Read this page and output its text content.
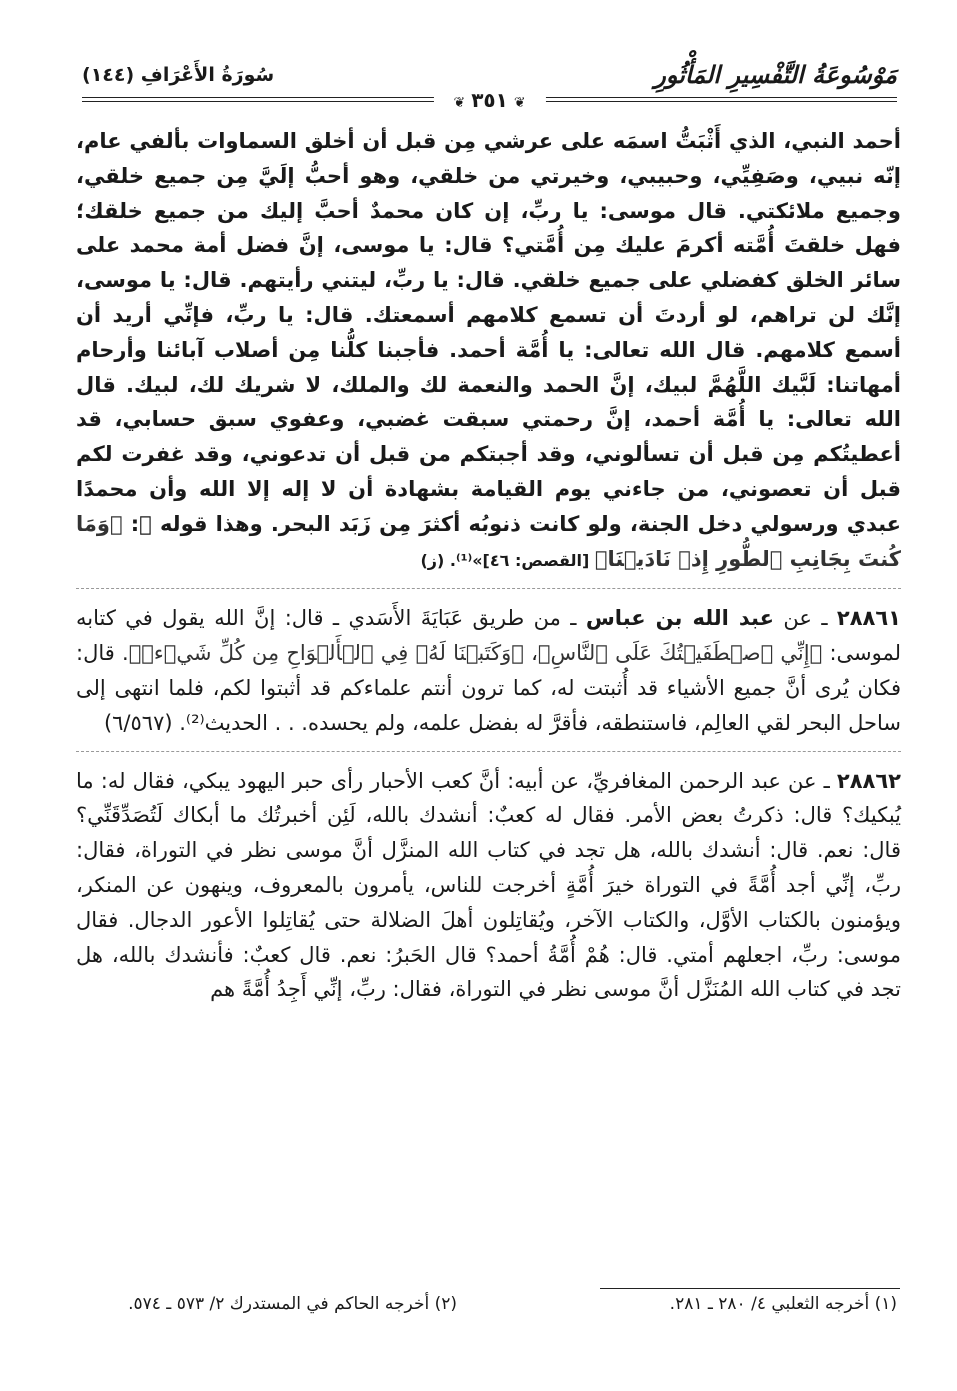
مَوْسُوعَةُ التَّفْسِيرِ المَأْثُورِ
❦٣٥١❦
سُورَةُ الأَعْرَافِ (١٤٤)

أحمد النبي، الذي أَثْبَتُّ اسمَه على عرشي مِن قبل أن أخلق السماوات بألفي عام، إنّه نبيي، وصَفِيِّي، وحبيبي، وخيرتي من خلقي، وهو أحبُّ إلَيَّ مِن جميع خلقي، وجميع ملائكتي. قال موسى: يا ربِّ، إن كان محمدٌ أحبَّ إليك من جميع خلقك؛ فهل خلقتَ أُمَّته أكرمَ عليك مِن أُمَّتي؟ قال: يا موسى، إنَّ فضل أمة محمد على سائر الخلق كفضلي على جميع خلقي. قال: يا ربِّ، ليتني رأيتهم. قال: يا موسى، إنَّك لن تراهم، لو أردتَ أن تسمع كلامهم أسمعتك. قال: يا ربِّ، فإنِّي أريد أن أسمع كلامهم. قال الله تعالى: يا أُمَّة أحمد. فأجبنا كلُّنا مِن أصلاب آبائنا وأرحام أمهاتنا: لَبَّيك اللَّهُمَّ لبيك، إنَّ الحمد والنعمة لك والملك، لا شريك لك، لبيك. قال الله تعالى: يا أُمَّة أحمد، إنَّ رحمتي سبقت غضبي، وعفوي سبق حسابي، قد أعطيتُكم مِن قبل أن تسألوني، وقد أجبتكم من قبل أن تدعوني، وقد غفرت لكم قبل أن تعصوني، من جاءني يوم القيامة بشهادة أن لا إله إلا الله وأن محمدًا عبدي ورسولي دخل الجنة، ولو كانت ذنوبُه أكثرَ مِن زَبَد البحر. وهذا قوله ﷺ: ﴿وَمَا كُنتَ بِجَانِبِ ٱلطُّورِ إِذۡ نَادَيۡنَا﴾ [القصص: ٤٦]»⁽¹⁾. (ز)

٢٨٨٦١ ـ عن عبد الله بن عباس ـ من طريق عَبَايَةَ الأَسَدي ـ قال: إنَّ الله يقول في كتابه لموسى: ﴿إِنِّي ٱصۡطَفَيۡتُكَ عَلَى ٱلنَّاسِ﴾، ﴿وَكَتَبۡنَا لَهُۥ فِي ٱلۡأَلۡوَاحِ مِن كُلِّ شَيۡءٖ﴾. قال: فكان يُرى أنَّ جميع الأشياء قد أُثبتت له، كما ترون أنتم علماءكم قد أثبتوا لكم، فلما انتهى إلى ساحل البحر لقي العالِم، فاستنطقه، فأقرَّ له بفضل علمه، ولم يحسده. . . الحديث⁽²⁾. (٦/٥٦٧)

٢٨٨٦٢ ـ عن عبد الرحمن المغافريِّ، عن أبيه: أنَّ كعب الأحبار رأى حبر اليهود يبكي، فقال له: ما يُبكيك؟ قال: ذكرتُ بعض الأمر. فقال له كعبٌ: أنشدك بالله، لَئِن أخبرتُك ما أبكاك لَتُصَدِّقَنِّي؟ قال: نعم. قال: أنشدك بالله، هل تجد في كتاب الله المنزَّل أنَّ موسى نظر في التوراة، فقال: ربِّ، إنِّي أجد أُمَّةً في التوراة خيرَ أُمَّةٍ أخرجت للناس، يأمرون بالمعروف، وينهون عن المنكر، ويؤمنون بالكتاب الأوَّل، والكتاب الآخر، ويُقاتِلون أهلَ الضلالة حتى يُقاتِلوا الأعور الدجال. فقال موسى: ربِّ، اجعلهم أمتي. قال: هُمْ أُمَّةُ أحمد؟ قال الحَبرُ: نعم. قال كعبٌ: فأنشدك بالله، هل تجد في كتاب الله المُنَزَّل أنَّ موسى نظر في التوراة، فقال: ربِّ، إنِّي أَجِدُ أُمَّةً هم

(١) أخرجه الثعلبي ٤/ ٢٨٠ ـ ٢٨١.
(٢) أخرجه الحاكم في المستدرك ٢/ ٥٧٣ ـ ٥٧٤.
